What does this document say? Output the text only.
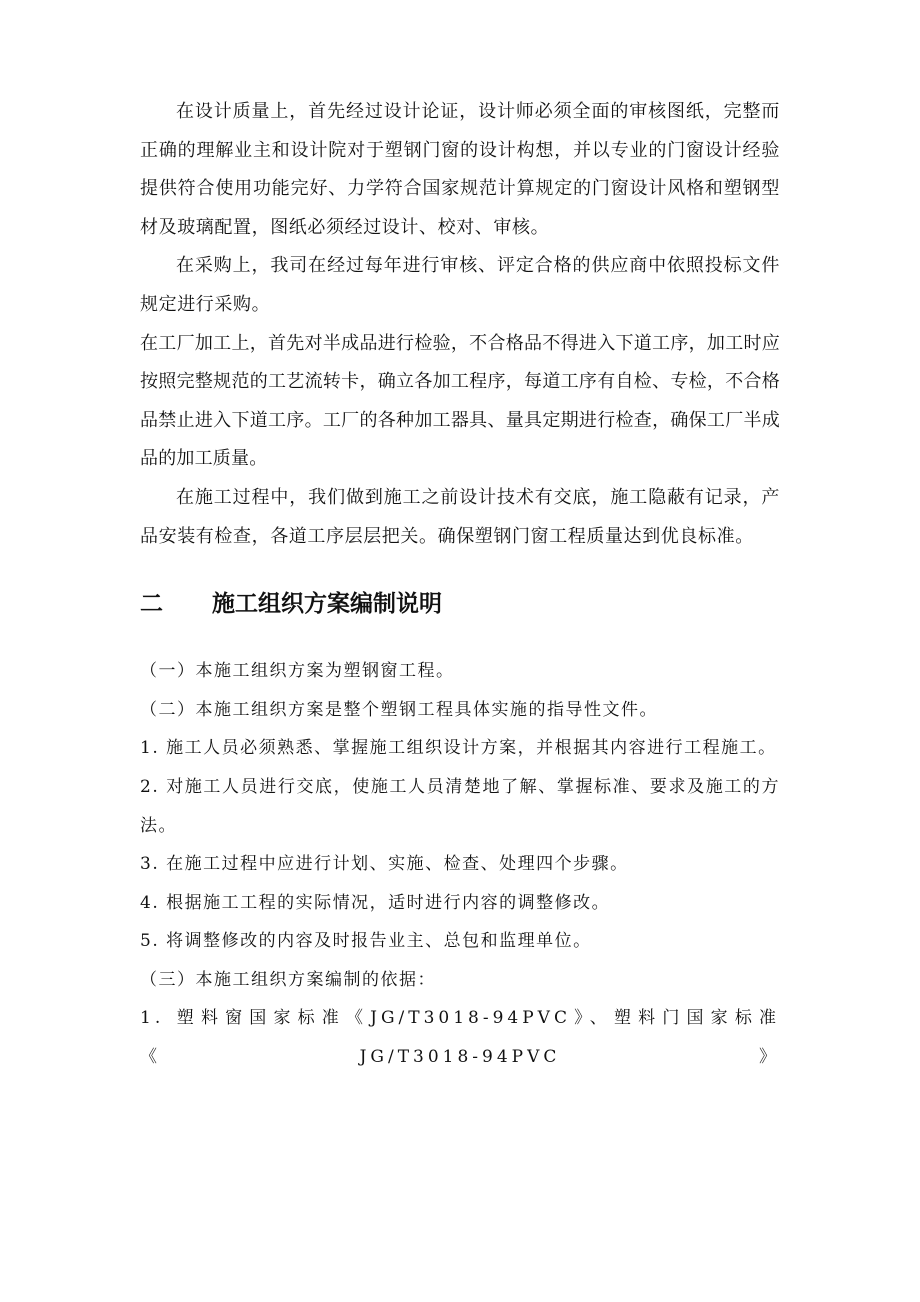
在设计质量上，首先经过设计论证，设计师必须全面的审核图纸，完整而正确的理解业主和设计院对于塑钢门窗的设计构想，并以专业的门窗设计经验提供符合使用功能完好、力学符合国家规范计算规定的门窗设计风格和塑钢型材及玻璃配置，图纸必须经过设计、校对、审核。

在采购上，我司在经过每年进行审核、评定合格的供应商中依照投标文件规定进行采购。

在工厂加工上，首先对半成品进行检验，不合格品不得进入下道工序，加工时应按照完整规范的工艺流转卡，确立各加工程序，每道工序有自检、专检，不合格品禁止进入下道工序。工厂的各种加工器具、量具定期进行检查，确保工厂半成品的加工质量。

在施工过程中，我们做到施工之前设计技术有交底，施工隐蔽有记录，产品安装有检查，各道工序层层把关。确保塑钢门窗工程质量达到优良标准。

二	施工组织方案编制说明

（一）本施工组织方案为塑钢窗工程。

（二）本施工组织方案是整个塑钢工程具体实施的指导性文件。

1. 施工人员必须熟悉、掌握施工组织设计方案，并根据其内容进行工程施工。

2. 对施工人员进行交底，使施工人员清楚地了解、掌握标准、要求及施工的方法。

3. 在施工过程中应进行计划、实施、检查、处理四个步骤。

4. 根据施工工程的实际情况，适时进行内容的调整修改。

5. 将调整修改的内容及时报告业主、总包和监理单位。

（三）本施工组织方案编制的依据：

1. 塑料窗国家标准《JG/T3018-94PVC》、塑料门国家标准《JG/T3018-94PVC》
